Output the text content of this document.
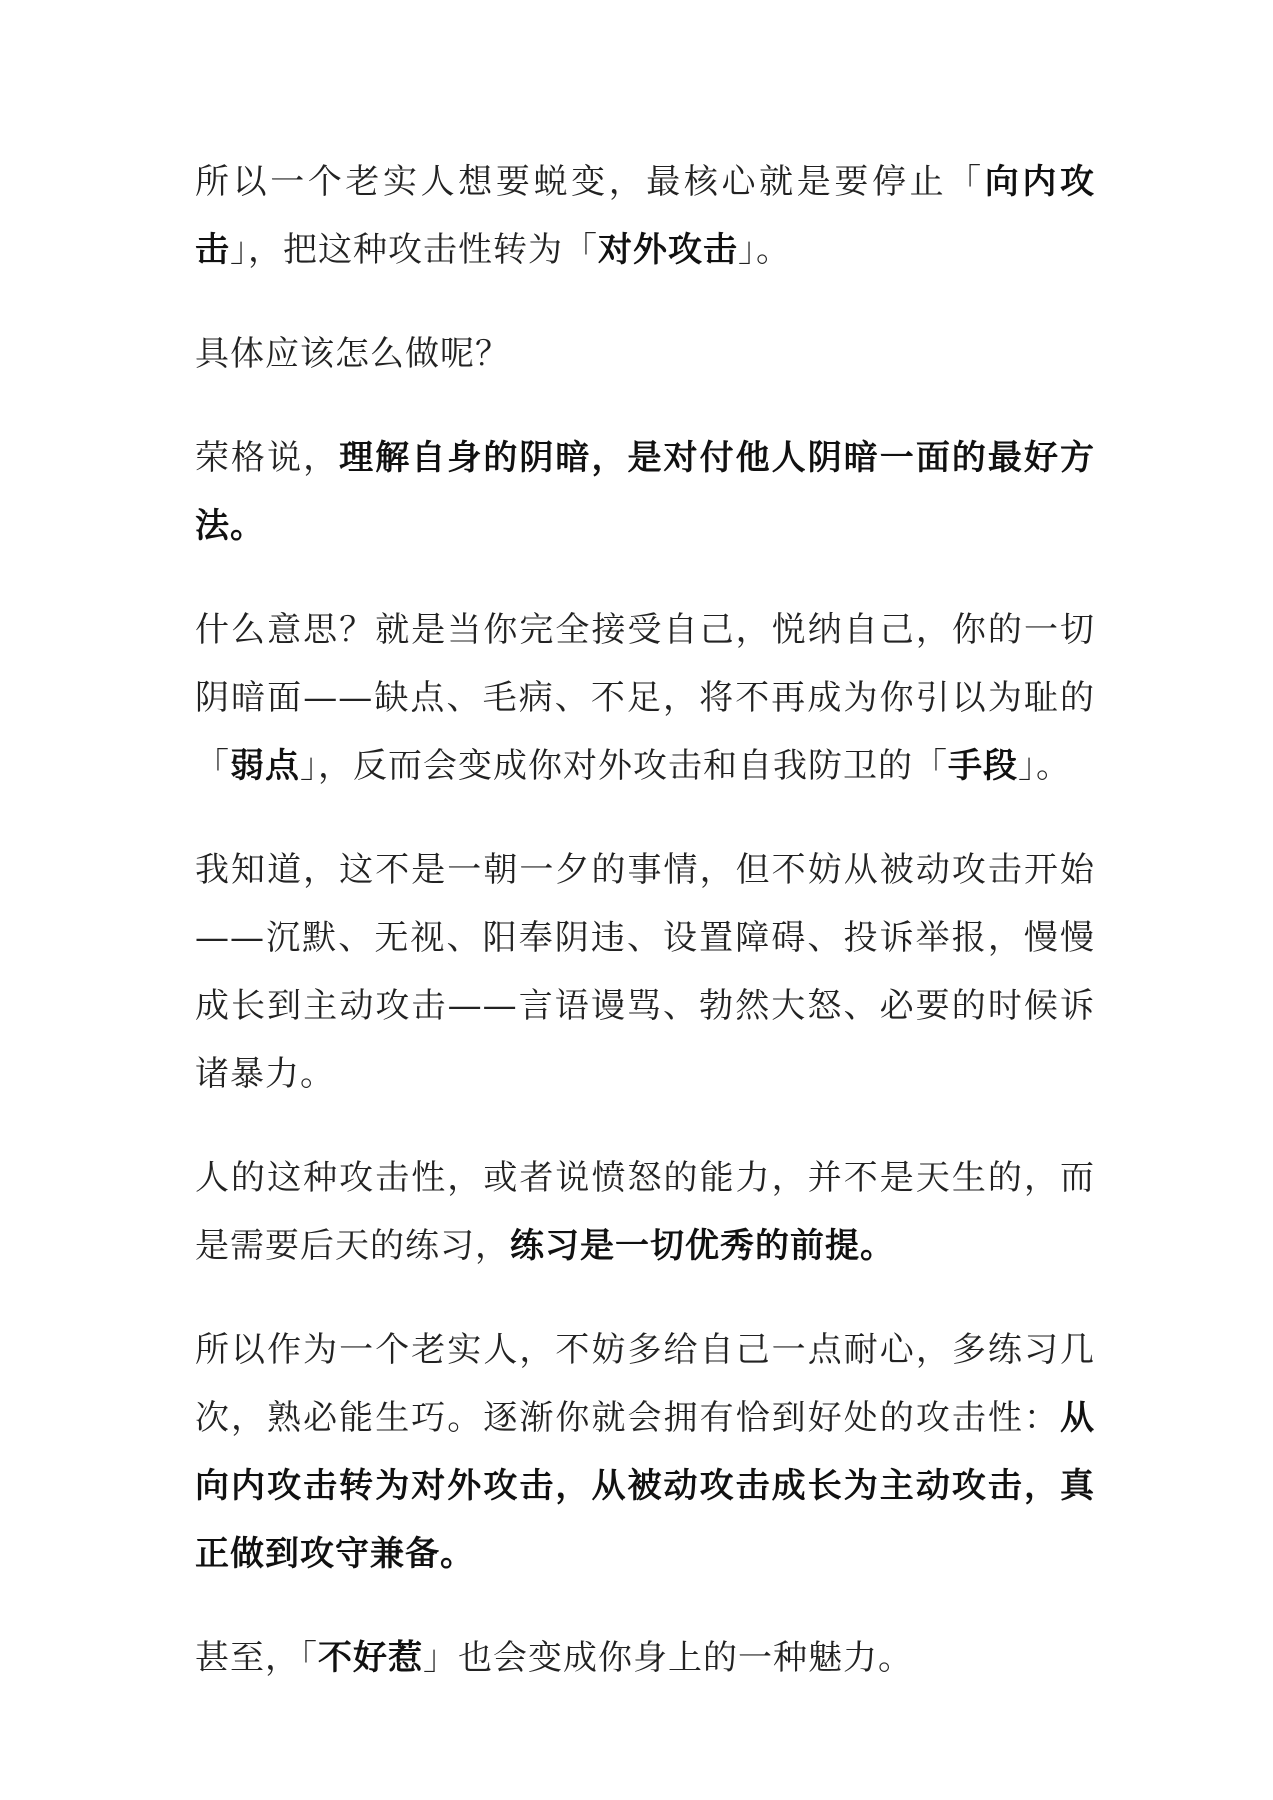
所以一个老实人想要蜕变，最核心就是要停止「向内攻击」，把这种攻击性转为「对外攻击」。

具体应该怎么做呢？

荣格说，理解自身的阴暗，是对付他人阴暗一面的最好方法。

什么意思？就是当你完全接受自己，悦纳自己，你的一切阴暗面——缺点、毛病、不足，将不再成为你引以为耻的「弱点」，反而会变成你对外攻击和自我防卫的「手段」。

我知道，这不是一朝一夕的事情，但不妨从被动攻击开始——沉默、无视、阳奉阴违、设置障碍、投诉举报，慢慢成长到主动攻击——言语谩骂、勃然大怒、必要的时候诉诸暴力。

人的这种攻击性，或者说愤怒的能力，并不是天生的，而是需要后天的练习，练习是一切优秀的前提。

所以作为一个老实人，不妨多给自己一点耐心，多练习几次，熟必能生巧。逐渐你就会拥有恰到好处的攻击性：从向内攻击转为对外攻击，从被动攻击成长为主动攻击，真正做到攻守兼备。

甚至，「不好惹」也会变成你身上的一种魅力。
